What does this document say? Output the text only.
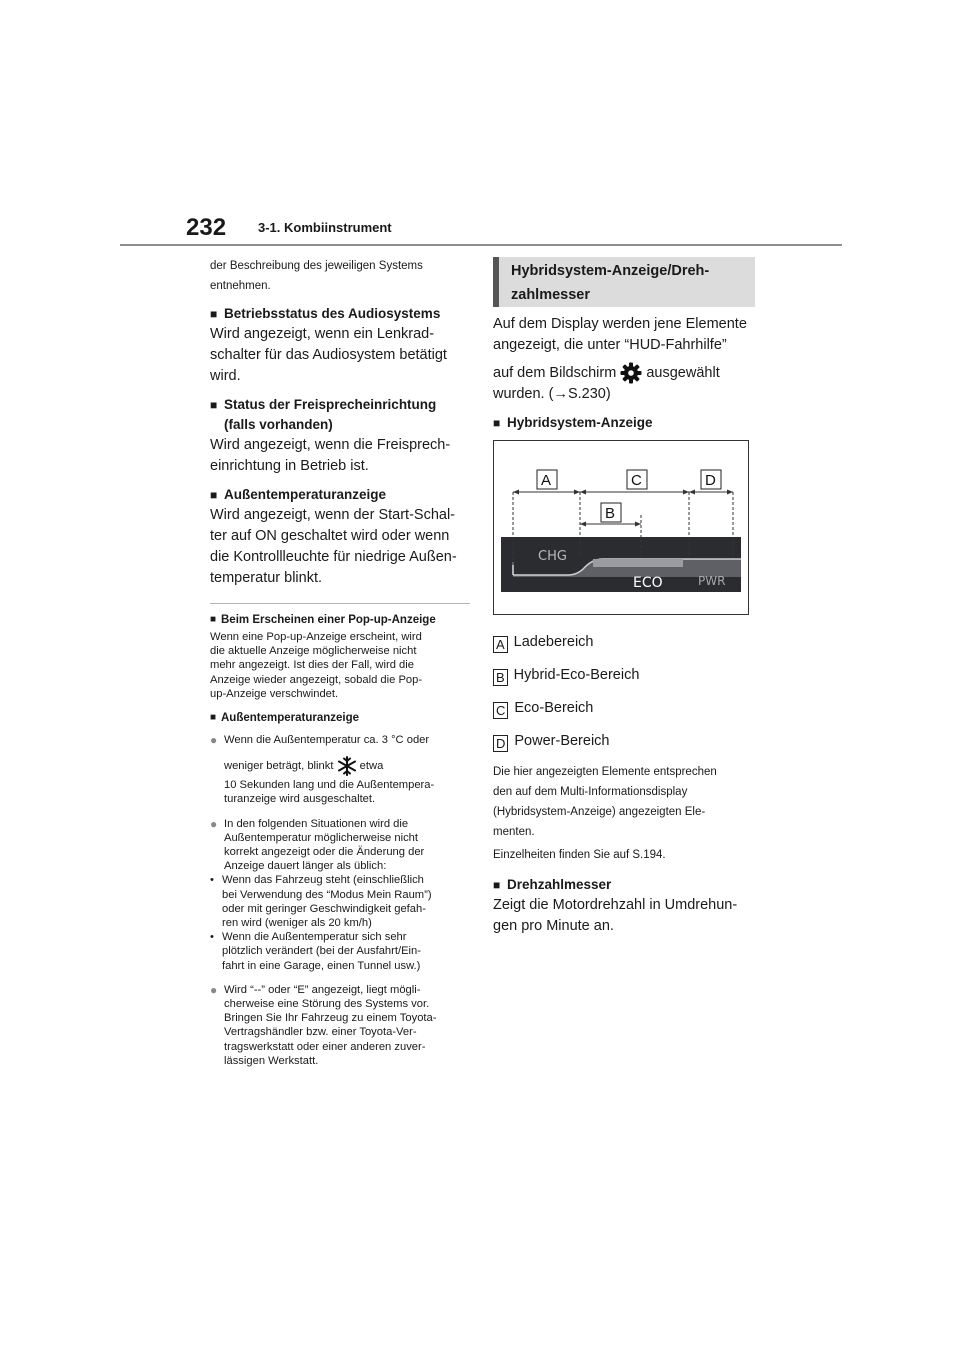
232 3-1. Kombiinstrument

der Beschreibung des jeweiligen Systems

entnehmen.

■ Betriebsstatus des Audiosystems

Wird angezeigt, wenn ein Lenkrad-

schalter für das Audiosystem betätigt

wird.

■ Status der Freisprecheinrichtung
(falls vorhanden)

Wird angezeigt, wenn die Freisprech-

einrichtung in Betrieb ist.

■ Außentemperaturanzeige

Wird angezeigt, wenn der Start-Schal-

ter auf ON geschaltet wird oder wenn

die Kontrollleuchte für niedrige Außen-

temperatur blinkt.

■ Beim Erscheinen einer Pop-up-Anzeige

Wenn eine Pop-up-Anzeige erscheint, wird

die aktuelle Anzeige möglicherweise nicht

mehr angezeigt. Ist dies der Fall, wird die

Anzeige wieder angezeigt, sobald die Pop-

up-Anzeige verschwindet.

■ Außentemperaturanzeige
● Wenn die Außentemperatur ca. 3 °C oder

weniger beträgt, blinkt etwa

10 Sekunden lang und die Außentempera-

turanzeige wird ausgeschaltet.

● In den folgenden Situationen wird die

Außentemperatur möglicherweise nicht

korrekt angezeigt oder die Änderung der

Anzeige dauert länger als üblich:

• Wenn das Fahrzeug steht (einschließlich

bei Verwendung des “Modus Mein Raum”)

oder mit geringer Geschwindigkeit gefah-

ren wird (weniger als 20 km/h)

• Wenn die Außentemperatur sich sehr

plötzlich verändert (bei der Ausfahrt/Ein-

fahrt in eine Garage, einen Tunnel usw.)

● Wird “--” oder “E” angezeigt, liegt mögli-

cherweise eine Störung des Systems vor.

Bringen Sie Ihr Fahrzeug zu einem Toyota-

Vertragshändler bzw. einer Toyota-Ver-

tragswerkstatt oder einer anderen zuver-

lässigen Werkstatt.

Hybridsystem-Anzeige/Dreh-
zahlmesser

Auf dem Display werden jene Elemente

angezeigt, die unter “HUD-Fahrhilfe”

auf dem Bildschirm ausgewählt

wurden. (→S.230)

■ Hybridsystem-Anzeige
CHG
ECO	PWR
A	C	D
B
A Ladebereich
B Hybrid-Eco-Bereich
C Eco-Bereich
D Power-Bereich

Die hier angezeigten Elemente entsprechen

den auf dem Multi-Informationsdisplay

(Hybridsystem-Anzeige) angezeigten Ele-

menten.

Einzelheiten finden Sie auf S.194.

■ Drehzahlmesser

Zeigt die Motordrehzahl in Umdrehun-

gen pro Minute an.
